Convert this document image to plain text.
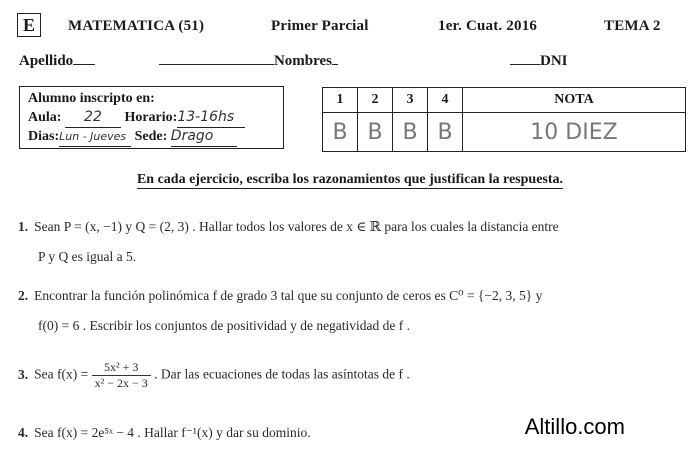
E	MATEMATICA (51)	Primer Parcial	1er. Cuat. 2016	TEMA 2
Apellido	Nombres	DNI
Alumno inscripto en:
Aula: 22 Horario:13-16hs
Dias:Lun - Jueves Sede: Drago
1	2	3	4	NOTA
B	B	B	B	10 DIEZ
En cada ejercicio, escriba los razonamientos que justifican la respuesta.
1. Sean P = (x, −1) y Q = (2, 3) . Hallar todos los valores de x ∈ ℝ para los cuales la distancia entre
P y Q es igual a 5.
2. Encontrar la función polinómica f de grado 3 tal que su conjunto de ceros es C⁰ = {−2, 3, 5} y
f(0) = 6 . Escribir los conjuntos de positividad y de negatividad de f .
3. Sea $f(x) = \frac{\text{5x² + 3}}{\text{x² − 2x − 3}}$ . Dar las ecuaciones de todas las asíntotas de f .
4. Sea f(x) = 2e⁵ˣ − 4 . Hallar f⁻¹(x) y dar su dominio.	Altillo.com
